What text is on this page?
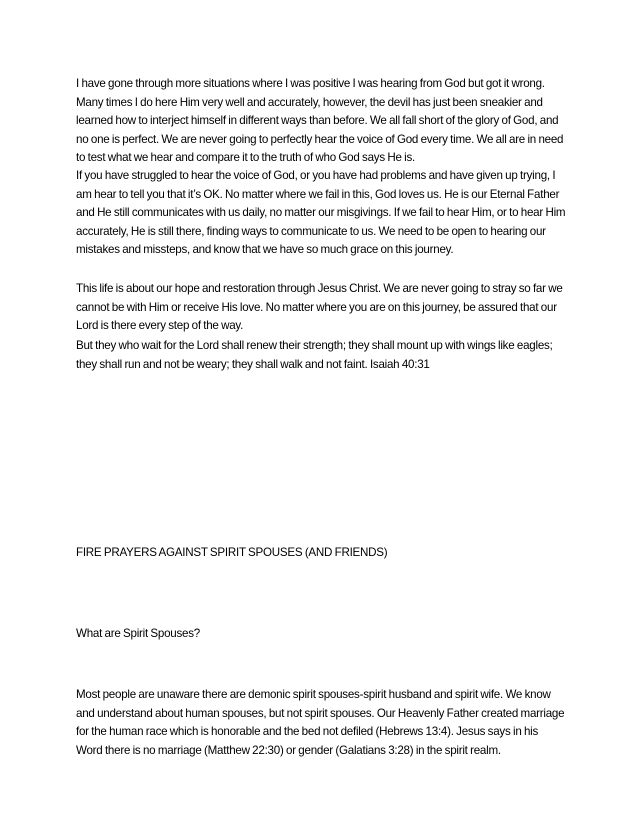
I have gone through more situations where I was positive I was hearing from God but got it wrong. Many times I do here Him very well and accurately, however, the devil has just been sneakier and learned how to interject himself in different ways than before. We all fall short of the glory of God, and no one is perfect. We are never going to perfectly hear the voice of God every time. We all are in need to test what we hear and compare it to the truth of who God says He is.

If you have struggled to hear the voice of God, or you have had problems and have given up trying, I am hear to tell you that it’s OK. No matter where we fail in this, God loves us. He is our Eternal Father and He still communicates with us daily, no matter our misgivings. If we fail to hear Him, or to hear Him accurately, He is still there, finding ways to communicate to us. We need to be open to hearing our mistakes and missteps, and know that we have so much grace on this journey.

This life is about our hope and restoration through Jesus Christ. We are never going to stray so far we cannot be with Him or receive His love. No matter where you are on this journey, be assured that our Lord is there every step of the way.

But they who wait for the Lord shall renew their strength; they shall mount up with wings like eagles; they shall run and not be weary; they shall walk and not faint. Isaiah 40:31

FIRE PRAYERS AGAINST SPIRIT SPOUSES (AND FRIENDS)

What are Spirit Spouses?

Most people are unaware there are demonic spirit spouses-spirit husband and spirit wife. We know and understand about human spouses, but not spirit spouses. Our Heavenly Father created marriage for the human race which is honorable and the bed not defiled (Hebrews 13:4). Jesus says in his Word there is no marriage (Matthew 22:30) or gender (Galatians 3:28) in the spirit realm.
